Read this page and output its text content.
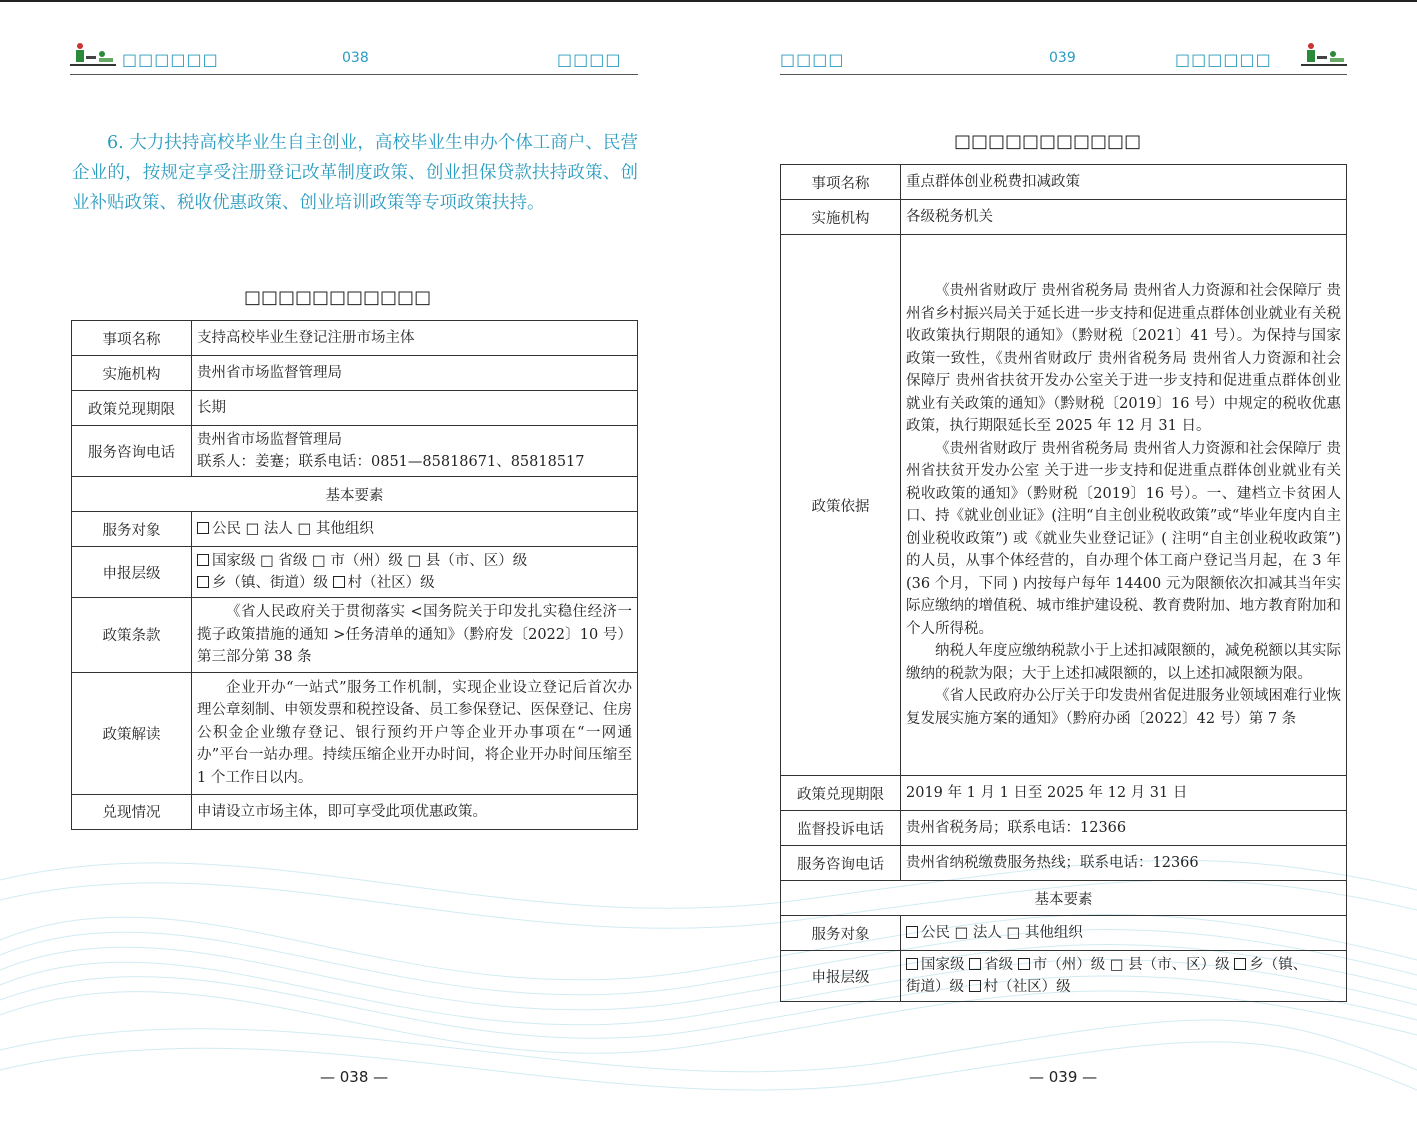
□□□□□□	038	□□□□
6. 大力扶持高校毕业生自主创业，高校毕业生申办个体工商户、民营企业的，按规定享受注册登记改革制度政策、创业担保贷款扶持政策、创业补贴政策、税收优惠政策、创业培训政策等专项政策扶持。
□□□□□□□□□□□
事项名称	支持高校毕业生登记注册市场主体
实施机构	贵州省市场监督管理局
政策兑现期限	长期
服务咨询电话	贵州省市场监督管理局
联系人：姜蹇；联系电话：0851—85818671、85818517

基本要素	
服务对象	公民 □ 法人 □ 其他组织
申报层级	国家级 □ 省级 □ 市（州）级 □ 县（市、区）级
乡（镇、街道）级 村（社区）级

政策条款	《省人民政府关于贯彻落实 <国务院关于印发扎实稳住经济一揽子政策措施的通知 >任务清单的通知》（黔府发〔2022〕10 号）第三部分第 38 条

政策解读	企业开办“一站式”服务工作机制，实现企业设立登记后首次办理公章刻制、申领发票和税控设备、员工参保登记、医保登记、住房公积金企业缴存登记、银行预约开户等企业开办事项在“一网通办”平台一站办理。持续压缩企业开办时间，将企业开办时间压缩至 1 个工作日以内。

兑现情况	申请设立市场主体，即可享受此项优惠政策。
— 038 —
□□□□	039	□□□□□□
□□□□□□□□□□□
事项名称	重点群体创业税费扣减政策
实施机构	各级税务机关
政策依据	《贵州省财政厅 贵州省税务局 贵州省人力资源和社会保障厅 贵州省乡村振兴局关于延长进一步支持和促进重点群体创业就业有关税收政策执行期限的通知》（黔财税〔2021〕41 号）。为保持与国家政策一致性，《贵州省财政厅 贵州省税务局 贵州省人力资源和社会保障厅 贵州省扶贫开发办公室关于进一步支持和促进重点群体创业就业有关政策的通知》（黔财税〔2019〕16 号）中规定的税收优惠政策，执行期限延长至 2025 年 12 月 31 日。

《贵州省财政厅 贵州省税务局 贵州省人力资源和社会保障厅 贵州省扶贫开发办公室 关于进一步支持和促进重点群体创业就业有关税收政策的通知》（黔财税〔2019〕16 号）。一、建档立卡贫困人口、持《就业创业证》(注明“自主创业税收政策”或“毕业年度内自主创业税收政策”) 或《就业失业登记证》( 注明“自主创业税收政策”) 的人员，从事个体经营的，自办理个体工商户登记当月起，在 3 年 (36 个月，下同 ) 内按每户每年 14400 元为限额依次扣减其当年实际应缴纳的增值税、城市维护建设税、教育费附加、地方教育附加和个人所得税。

纳税人年度应缴纳税款小于上述扣减限额的，减免税额以其实际缴纳的税款为限；大于上述扣减限额的，以上述扣减限额为限。

《省人民政府办公厅关于印发贵州省促进服务业领域困难行业恢复发展实施方案的通知》（黔府办函〔2022〕42 号）第 7 条

政策兑现期限	2019 年 1 月 1 日至 2025 年 12 月 31 日
监督投诉电话	贵州省税务局；联系电话：12366
服务咨询电话	贵州省纳税缴费服务热线；联系电话：12366
基本要素	
服务对象	公民 □ 法人 □ 其他组织
申报层级	国家级 省级 市（州）级 □ 县（市、区）级 乡（镇、
街道）级 村（社区）级
— 039 —
